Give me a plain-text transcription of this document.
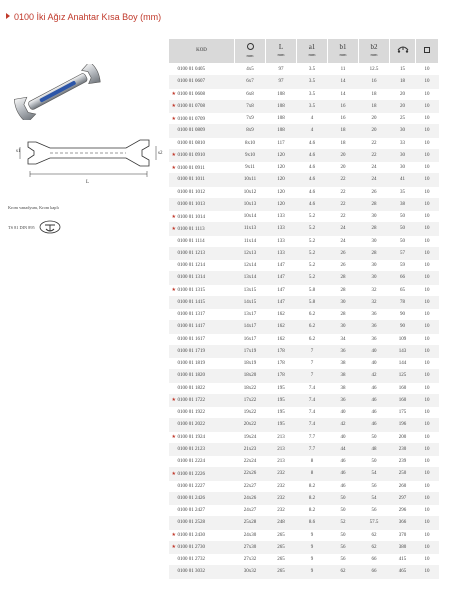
0100 İki Ağız Anahtar Kısa Boy (mm)
s1	s2
L
Krom vanadyum, Krom kaplı
TS 81 DIN 895
KOD	mm	L
mm	a1
mm	b1
mm	b2
mm

0100 01 0405	4x5	97	3.5	11	12.5	15	10
0100 01 0607	6x7	97	3.5	14	16	18	10
★ 0100 01 0608	6x8	108	3.5	14	18	20	10
★ 0100 01 0708	7x8	108	3.5	16	18	20	10
★ 0100 01 0709	7x9	108	4	16	20	25	10
0100 01 0809	8x9	108	4	18	20	30	10
0100 01 0810	8x10	117	4.6	18	22	33	10
★ 0100 01 0910	9x10	120	4.6	20	22	30	10
★ 0100 01 0911	9x11	120	4.6	20	24	30	10
0100 01 1011	10x11	120	4.6	22	24	41	10
0100 01 1012	10x12	120	4.6	22	26	35	10
0100 01 1013	10x13	120	4.6	22	28	38	10
★ 0100 01 1014	10x14	133	5.2	22	30	50	10
★ 0100 01 1113	11x13	133	5.2	24	28	50	10
0100 01 1114	11x14	133	5.2	24	30	50	10
0100 01 1213	12x13	133	5.2	26	28	57	10
0100 01 1214	12x14	147	5.2	26	30	59	10
0100 01 1314	13x14	147	5.2	28	30	66	10
★ 0100 01 1315	13x15	147	5.8	28	32	65	10
0100 01 1415	14x15	147	5.8	30	32	78	10
0100 01 1317	13x17	162	6.2	28	36	90	10
0100 01 1417	14x17	162	6.2	30	36	90	10
0100 01 1617	16x17	162	6.2	34	36	109	10
0100 01 1719	17x19	178	7	36	40	143	10
0100 01 1819	18x19	178	7	38	40	144	10
0100 01 1820	18x20	178	7	38	42	125	10
0100 01 1822	18x22	195	7.4	38	46	160	10
★ 0100 01 1722	17x22	195	7.4	36	46	160	10
0100 01 1922	19x22	195	7.4	40	46	175	10
0100 01 2022	20x22	195	7.4	42	46	196	10
★ 0100 01 1924	19x24	213	7.7	40	50	200	10
0100 01 2123	21x23	213	7.7	44	48	230	10
0100 01 2224	22x24	213	8	46	50	239	10
★ 0100 01 2226	22x26	232	8	46	54	250	10
0100 01 2227	22x27	232	8.2	46	56	260	10
0100 01 2426	24x26	232	8.2	50	54	297	10
0100 01 2427	24x27	232	8.2	50	56	296	10
0100 01 2528	25x28	248	8.6	52	57.5	366	10
★ 0100 01 2430	24x30	265	9	50	62	370	10
★ 0100 01 2730	27x30	265	9	56	62	380	10
0100 01 2732	27x32	265	9	56	66	415	10
0100 01 3032	30x32	265	9	62	66	465	10
